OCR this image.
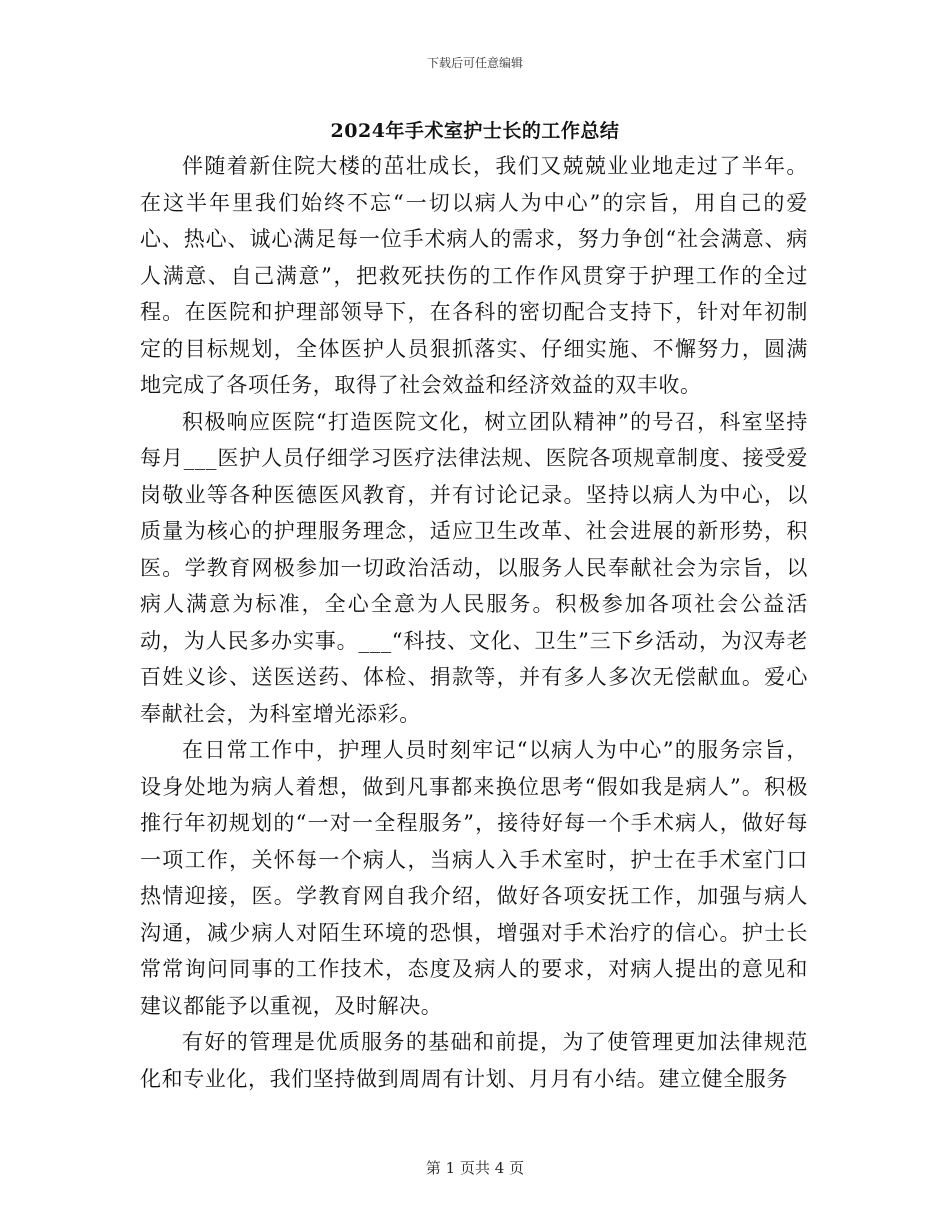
下载后可任意编辑
2024年手术室护士长的工作总结

伴随着新住院大楼的茁壮成长，我们又兢兢业业地走过了半年。在这半年里我们始终不忘“一切以病人为中心”的宗旨，用自己的爱心、热心、诚心满足每一位手术病人的需求，努力争创“社会满意、病人满意、自己满意”，把救死扶伤的工作作风贯穿于护理工作的全过程。在医院和护理部领导下，在各科的密切配合支持下，针对年初制定的目标规划，全体医护人员狠抓落实、仔细实施、不懈努力，圆满地完成了各项任务，取得了社会效益和经济效益的双丰收。

积极响应医院“打造医院文化，树立团队精神”的号召，科室坚持每月___医护人员仔细学习医疗法律法规、医院各项规章制度、接受爱岗敬业等各种医德医风教育，并有讨论记录。坚持以病人为中心，以质量为核心的护理服务理念，适应卫生改革、社会进展的新形势，积医。学教育网极参加一切政治活动，以服务人民奉献社会为宗旨，以病人满意为标准，全心全意为人民服务。积极参加各项社会公益活动，为人民多办实事。___“科技、文化、卫生”三下乡活动，为汉寿老百姓义诊、送医送药、体检、捐款等，并有多人多次无偿献血。爱心奉献社会，为科室增光添彩。

在日常工作中，护理人员时刻牢记“以病人为中心”的服务宗旨，设身处地为病人着想，做到凡事都来换位思考“假如我是病人”。积极推行年初规划的“一对一全程服务”，接待好每一个手术病人，做好每一项工作，关怀每一个病人，当病人入手术室时，护士在手术室门口热情迎接，医。学教育网自我介绍，做好各项安抚工作，加强与病人沟通，减少病人对陌生环境的恐惧，增强对手术治疗的信心。护士长常常询问同事的工作技术，态度及病人的要求，对病人提出的意见和建议都能予以重视，及时解决。

有好的管理是优质服务的基础和前提，为了使管理更加法律规范化和专业化，我们坚持做到周周有计划、月月有小结。建立健全服务

第 1 页共 4 页
